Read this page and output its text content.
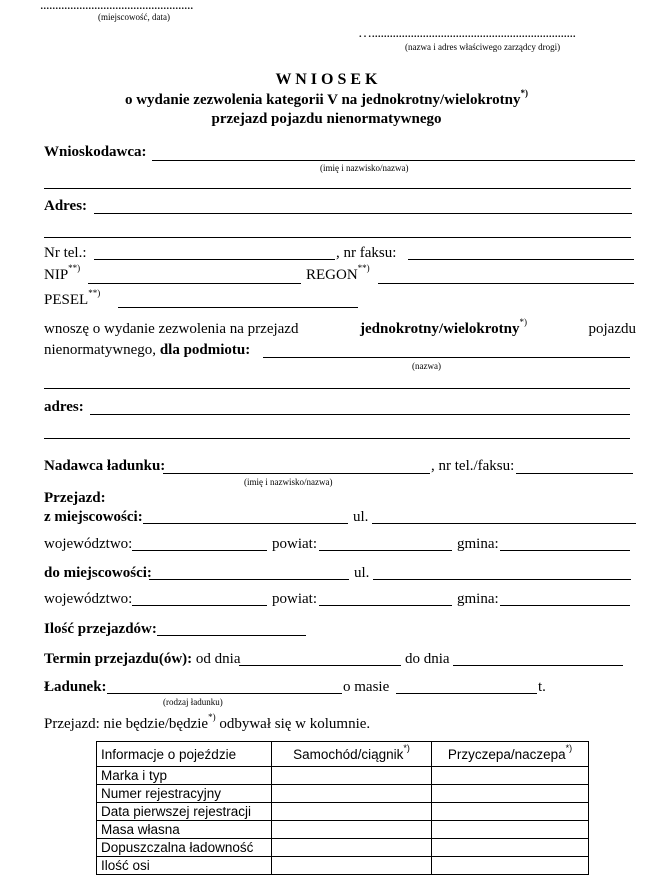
...................................................
(miejscowość, data)
…....................................................................
(nazwa i adres właściwego zarządcy drogi)
W N I O S E K
o wydanie zezwolenia kategorii V na jednokrotny/wielokrotny*)
przejazd pojazdu nienormatywnego
Wnioskodawca:
(imię i nazwisko/nazwa)
Adres:
Nr tel.:	, nr faksu:
NIP**)	REGON**)
PESEL**)
wnoszę o wydanie zezwolenia na przejazd	jednokrotny/wielokrotny*)	pojazdu
nienormatywnego, dla podmiotu:
(nazwa)
adres:
Nadawca ładunku:	, nr tel./faksu:
(imię i nazwisko/nazwa)
Przejazd:
z miejscowości:	ul.
województwo:	powiat:	gmina:
do miejscowości:	ul.
województwo:	powiat:	gmina:
Ilość przejazdów:
Termin przejazdu(ów): od dnia	do dnia
Ładunek:	o masie	t.
(rodzaj ładunku)
Przejazd: nie będzie/będzie*) odbywał się w kolumnie.
Informacje o pojeździe	Samochód/ciągnik*)	Przyczepa/naczepa*)
Marka i typ		
Numer rejestracyjny		
Data pierwszej rejestracji		
Masa własna		
Dopuszczalna ładowność		
Ilość osi		
